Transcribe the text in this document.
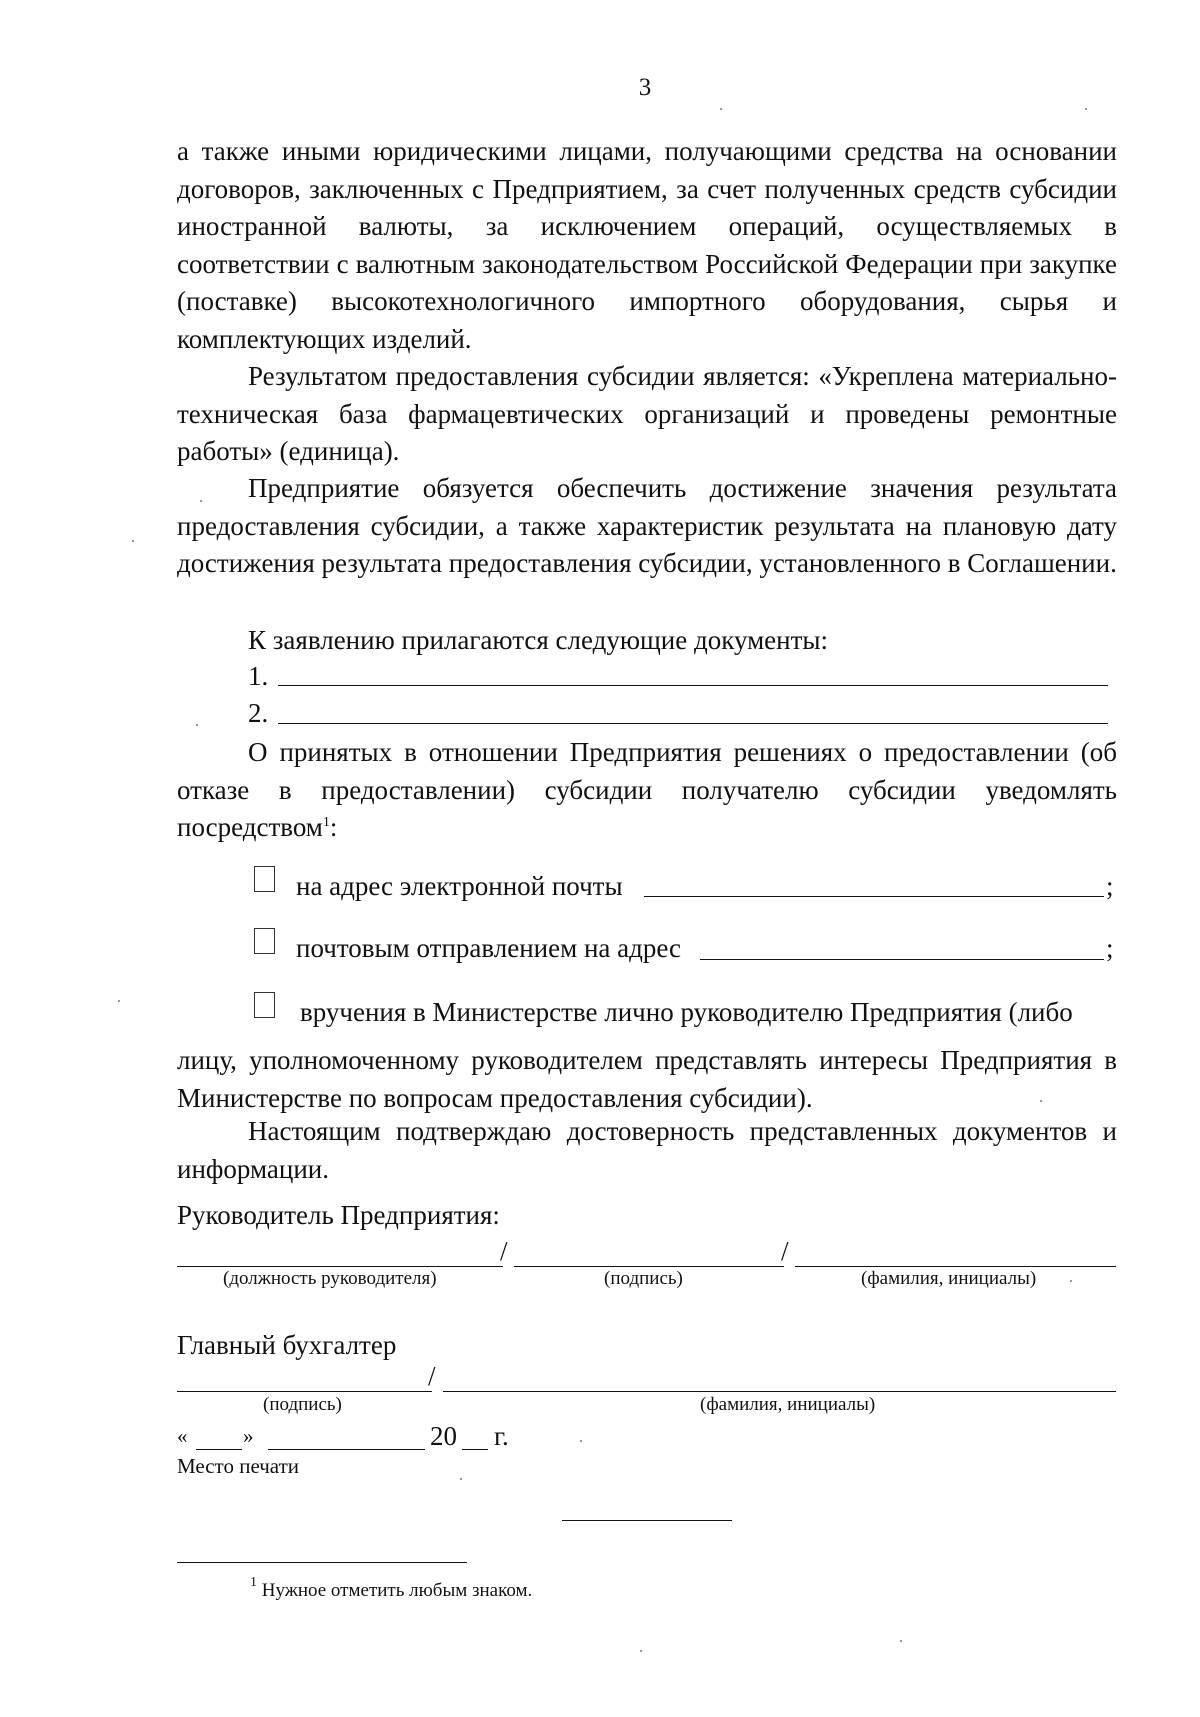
3
а также иными юридическими лицами, получающими средства на основании договоров, заключенных с Предприятием, за счет полученных средств субсидии иностранной валюты, за исключением операций, осуществляемых в соответствии с валютным законодательством Российской Федерации при закупке (поставке) высокотехнологичного импортного оборудования, сырья и комплектующих изделий.
Результатом предоставления субсидии является: «Укреплена материально-техническая база фармацевтических организаций и проведены ремонтные работы» (единица).
Предприятие обязуется обеспечить достижение значения результата предоставления субсидии, а также характеристик результата на плановую дату достижения результата предоставления субсидии, установленного в Соглашении.
К заявлению прилагаются следующие документы:
1.
2.
О принятых в отношении Предприятия решениях о предоставлении (об отказе в предоставлении) субсидии получателю субсидии уведомлять посредством$^1$:
на адрес электронной почты	;
почтовым отправлением на адрес	;
вручения в Министерстве лично руководителю Предприятия (либо
лицу, уполномоченному руководителем представлять интересы Предприятия в Министерстве по вопросам предоставления субсидии).
Настоящим подтверждаю достоверность представленных документов и информации.
Руководитель Предприятия:
/	/
(должность руководителя)	(подпись)	(фамилия, инициалы)
Главный бухгалтер
/
(подпись)	(фамилия, инициалы)
«	»	20 г.
Место печати
$^1$ Нужное отметить любым знаком.
